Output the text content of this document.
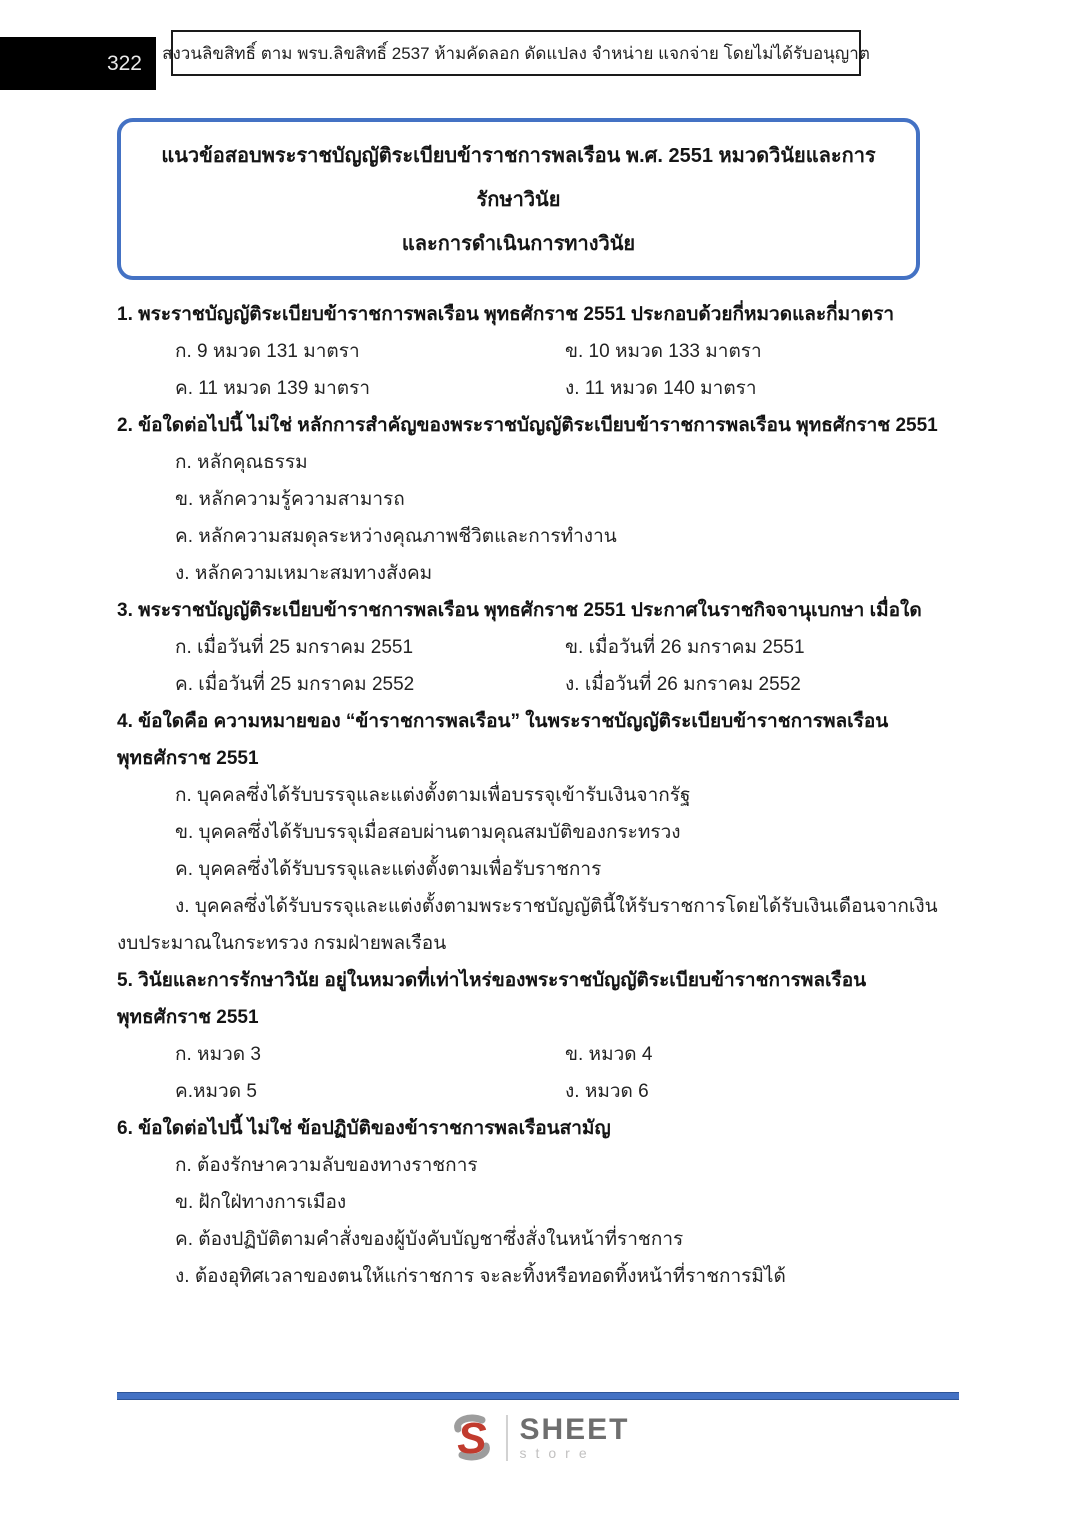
322 สงวนลิขสิทธิ์ ตาม พรบ.ลิขสิทธิ์ 2537 ห้ามคัดลอก ดัดแปลง จำหน่าย แจกจ่าย โดยไม่ได้รับอนุญาต
แนวข้อสอบพระราชบัญญัติระเบียบข้าราชการพลเรือน พ.ศ. 2551 หมวดวินัยและการรักษาวินัย
และการดำเนินการทางวินัย

1. พระราชบัญญัติระเบียบข้าราชการพลเรือน พุทธศักราช 2551 ประกอบด้วยกี่หมวดและกี่มาตรา

ก. 9 หมวด 131 มาตรา	ข. 10 หมวด 133 มาตรา

ค. 11 หมวด 139 มาตรา	ง. 11 หมวด 140 มาตรา

2. ข้อใดต่อไปนี้ ไม่ใช่ หลักการสำคัญของพระราชบัญญัติระเบียบข้าราชการพลเรือน พุทธศักราช 2551

ก. หลักคุณธรรม

ข. หลักความรู้ความสามารถ

ค. หลักความสมดุลระหว่างคุณภาพชีวิตและการทำงาน

ง. หลักความเหมาะสมทางสังคม

3. พระราชบัญญัติระเบียบข้าราชการพลเรือน พุทธศักราช 2551 ประกาศในราชกิจจานุเบกษา เมื่อใด

ก. เมื่อวันที่ 25 มกราคม 2551	ข. เมื่อวันที่ 26 มกราคม 2551

ค. เมื่อวันที่ 25 มกราคม 2552	ง. เมื่อวันที่ 26 มกราคม 2552

4. ข้อใดคือ ความหมายของ “ข้าราชการพลเรือน” ในพระราชบัญญัติระเบียบข้าราชการพลเรือน พุทธศักราช 2551

ก. บุคคลซึ่งได้รับบรรจุและแต่งตั้งตามเพื่อบรรจุเข้ารับเงินจากรัฐ

ข. บุคคลซึ่งได้รับบรรจุเมื่อสอบผ่านตามคุณสมบัติของกระทรวง

ค. บุคคลซึ่งได้รับบรรจุและแต่งตั้งตามเพื่อรับราชการ

ง. บุคคลซึ่งได้รับบรรจุและแต่งตั้งตามพระราชบัญญัตินี้ให้รับราชการโดยได้รับเงินเดือนจากเงินงบประมาณในกระทรวง กรมฝ่ายพลเรือน

5. วินัยและการรักษาวินัย อยู่ในหมวดที่เท่าไหร่ของพระราชบัญญัติระเบียบข้าราชการพลเรือน พุทธศักราช 2551

ก. หมวด 3	ข. หมวด 4

ค.หมวด 5	ง. หมวด 6

6. ข้อใดต่อไปนี้ ไม่ใช่ ข้อปฏิบัติของข้าราชการพลเรือนสามัญ

ก. ต้องรักษาความลับของทางราชการ

ข. ฝักใฝ่ทางการเมือง

ค. ต้องปฏิบัติตามคำสั่งของผู้บังคับบัญชาซึ่งสั่งในหน้าที่ราชการ

ง. ต้องอุทิศเวลาของตนให้แก่ราชการ จะละทิ้งหรือทอดทิ้งหน้าที่ราชการมิได้

S SHEET
store
